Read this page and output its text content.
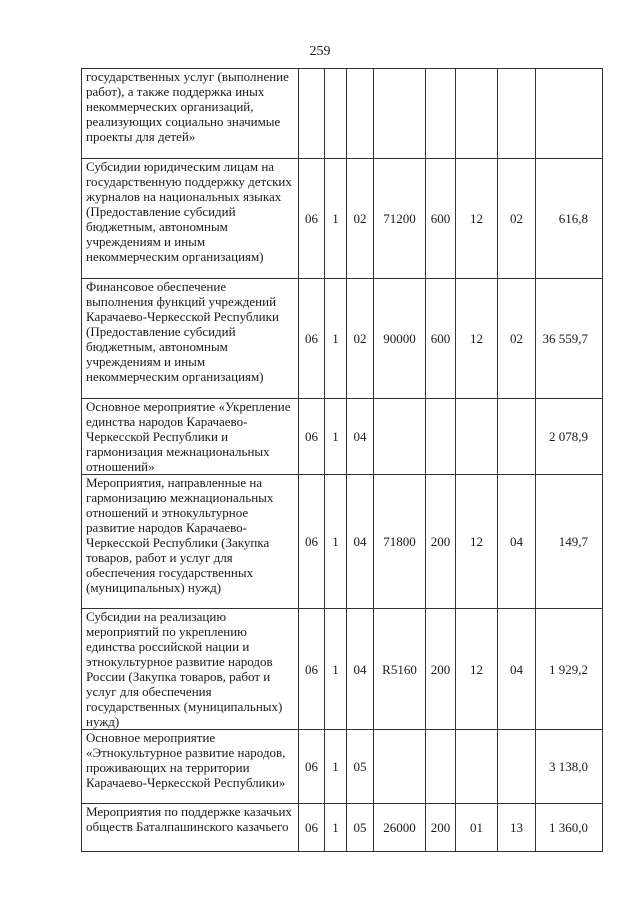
259
государственных услуг (выполнение работ), а также поддержка иных некоммерческих организаций, реализующих социально значимые проекты для детей»								
Субсидии юридическим лицам на государственную поддержку детских журналов на национальных языках (Предоставление субсидий бюджетным, автономным учреждениям и иным некоммерческим организациям)	06	1	02	71200	600	12	02	616,8
Финансовое обеспечение выполнения функций учреждений Карачаево-Черкесской Республики (Предоставление субсидий бюджетным, автономным учреждениям и иным некоммерческим организациям)	06	1	02	90000	600	12	02	36 559,7
Основное мероприятие «Укрепление единства народов Карачаево-Черкесской Республики и гармонизация межнациональных отношений»	06	1	04					2 078,9
Мероприятия, направленные на гармонизацию межнациональных отношений и этнокультурное развитие народов Карачаево-Черкесской Республики (Закупка товаров, работ и услуг для обеспечения государственных (муниципальных) нужд)	06	1	04	71800	200	12	04	149,7
Субсидии на реализацию мероприятий по укреплению единства российской нации и этнокультурное развитие народов России (Закупка товаров, работ и услуг для обеспечения государственных (муниципальных) нужд)	06	1	04	R5160	200	12	04	1 929,2
Основное мероприятие «Этнокультурное развитие народов, проживающих на территории Карачаево-Черкесской Республики»	06	1	05					3 138,0
Мероприятия по поддержке казачьих обществ Баталпашинского казачьего	06	1	05	26000	200	01	13	1 360,0
